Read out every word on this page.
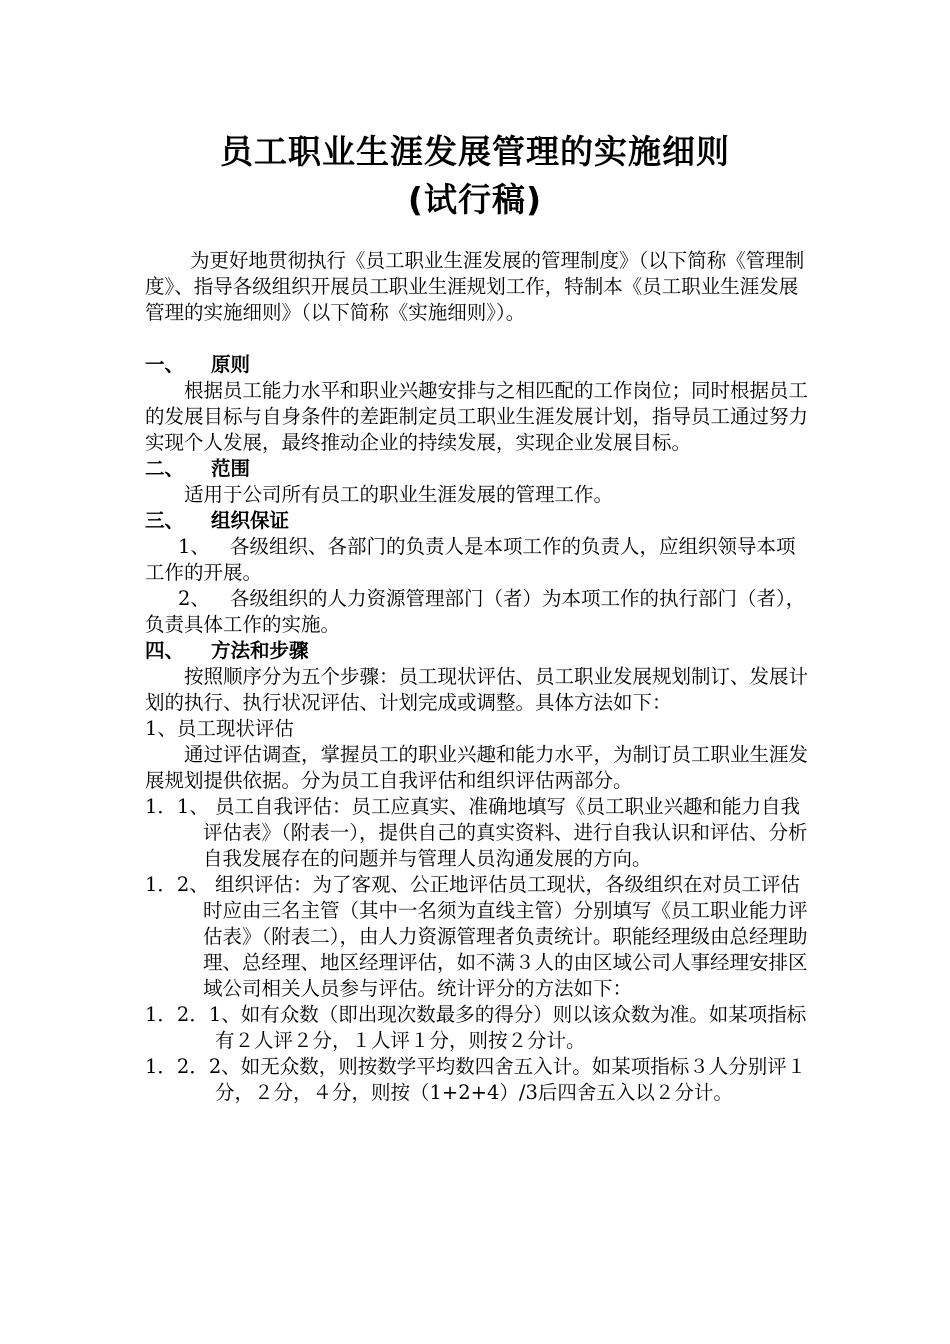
员工职业生涯发展管理的实施细则
(试行稿)

为更好地贯彻执行《员工职业生涯发展的管理制度》（以下简称《管理制度》、指导各级组织开展员工职业生涯规划工作，特制本《员工职业生涯发展管理的实施细则》（以下简称《实施细则》）。

一、	原则

根据员工能力水平和职业兴趣安排与之相匹配的工作岗位；同时根据员工的发展目标与自身条件的差距制定员工职业生涯发展计划，指导员工通过努力实现个人发展，最终推动企业的持续发展，实现企业发展目标。

二、	范围

适用于公司所有员工的职业生涯发展的管理工作。

三、	组织保证

1、 各级组织、各部门的负责人是本项工作的负责人，应组织领导本项工作的开展。

2、 各级组织的人力资源管理部门（者）为本项工作的执行部门（者），负责具体工作的实施。

四、	方法和步骤

按照顺序分为五个步骤：员工现状评估、员工职业发展规划制订、发展计划的执行、执行状况评估、计划完成或调整。具体方法如下：

1、员工现状评估

通过评估调查，掌握员工的职业兴趣和能力水平，为制订员工职业生涯发展规划提供依据。分为员工自我评估和组织评估两部分。

1．1、 员工自我评估：员工应真实、准确地填写《员工职业兴趣和能力自我评估表》（附表一），提供自己的真实资料、进行自我认识和评估、分析自我发展存在的问题并与管理人员沟通发展的方向。

1．2、 组织评估：为了客观、公正地评估员工现状，各级组织在对员工评估时应由三名主管（其中一名须为直线主管）分别填写《员工职业能力评估表》（附表二），由人力资源管理者负责统计。职能经理级由总经理助理、总经理、地区经理评估，如不满３人的由区域公司人事经理安排区域公司相关人员参与评估。统计评分的方法如下：

1．2．1、如有众数（即出现次数最多的得分）则以该众数为准。如某项指标有２人评２分，１人评１分，则按２分计。

1．2．2、如无众数，则按数学平均数四舍五入计。如某项指标３人分别评１分，２分，４分，则按（1+2+4）/3后四舍五入以２分计。
